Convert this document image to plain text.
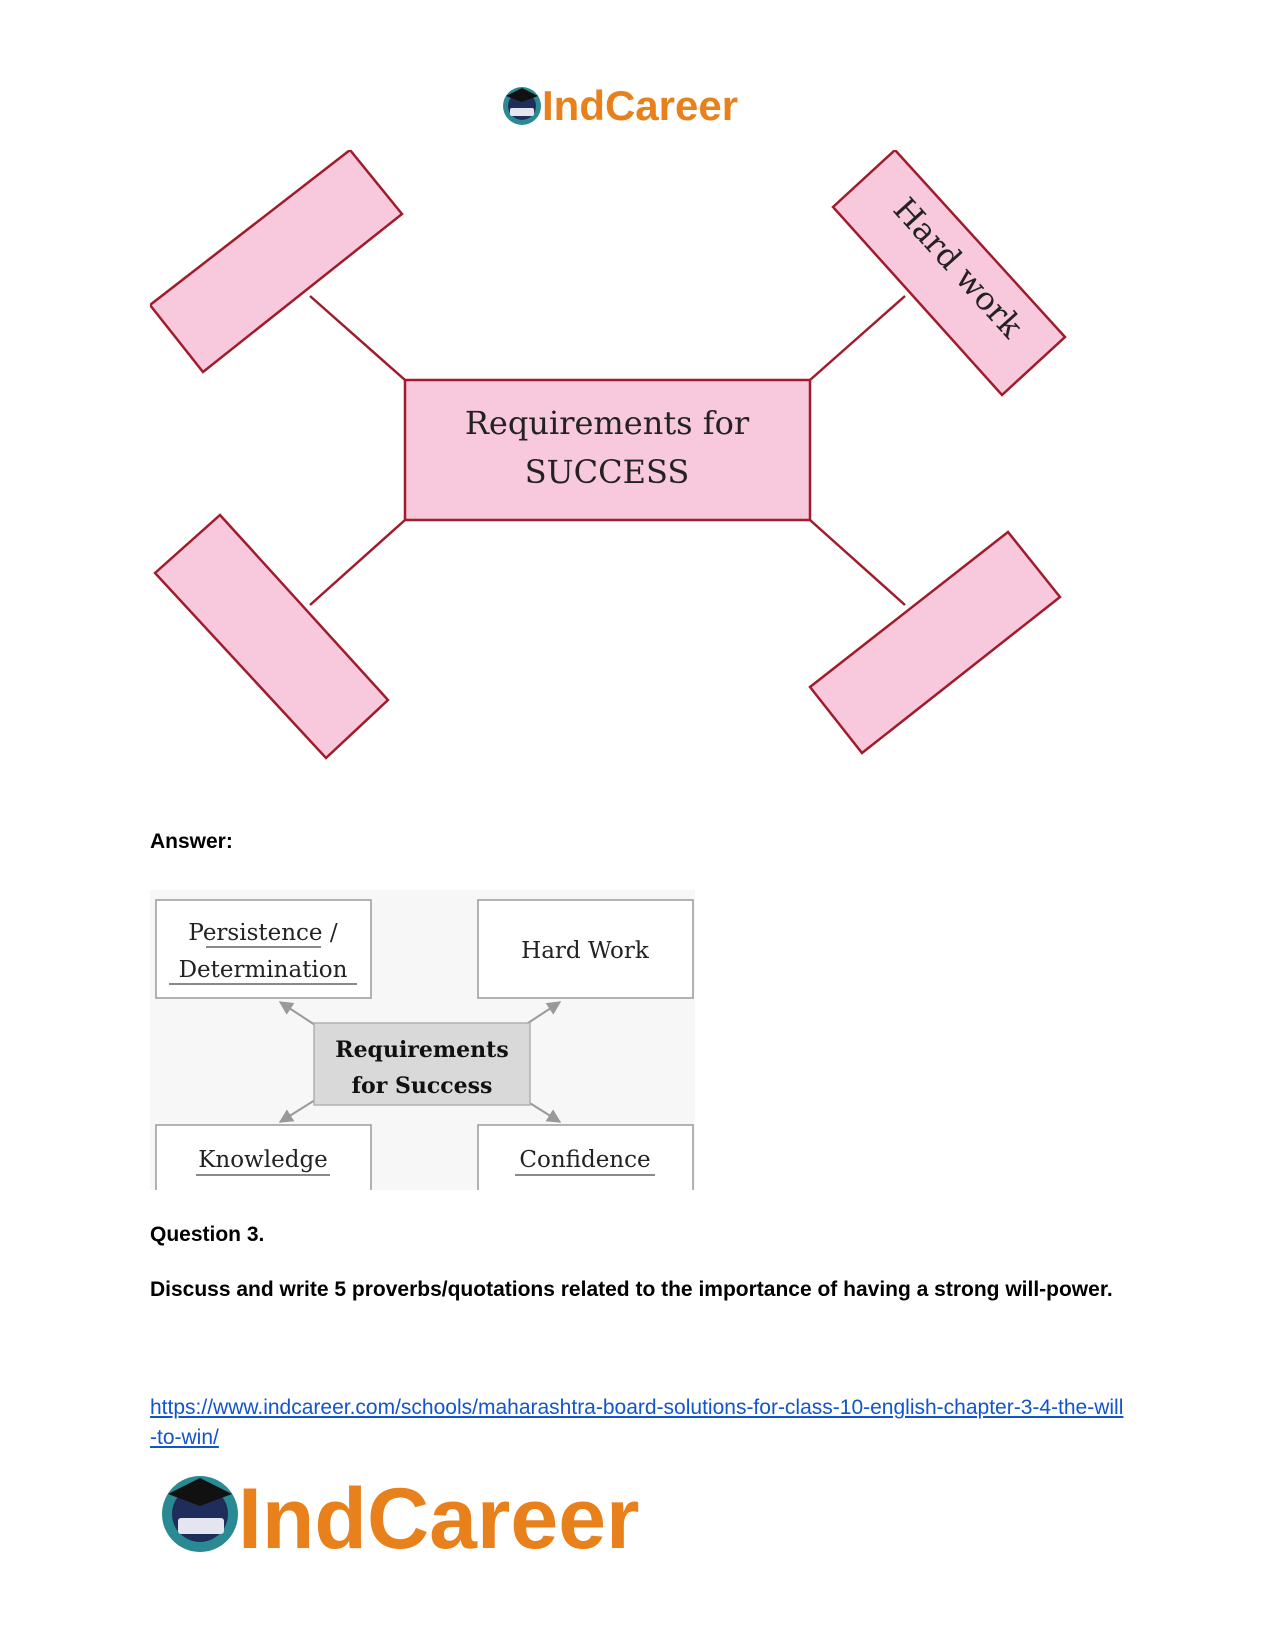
IndCareer
Requirements for
SUCCESS
Hard work

Answer:

Persistence /
Determination
Hard Work
Requirements
for Success
Knowledge	Confidence

Question 3.

Discuss and write 5 proverbs/quotations related to the importance of having a strong will-power.

https://www.indcareer.com/schools/maharashtra-board-solutions-for-class-10-english-chapter-3-4-the-will-to-win/
IndCareer
